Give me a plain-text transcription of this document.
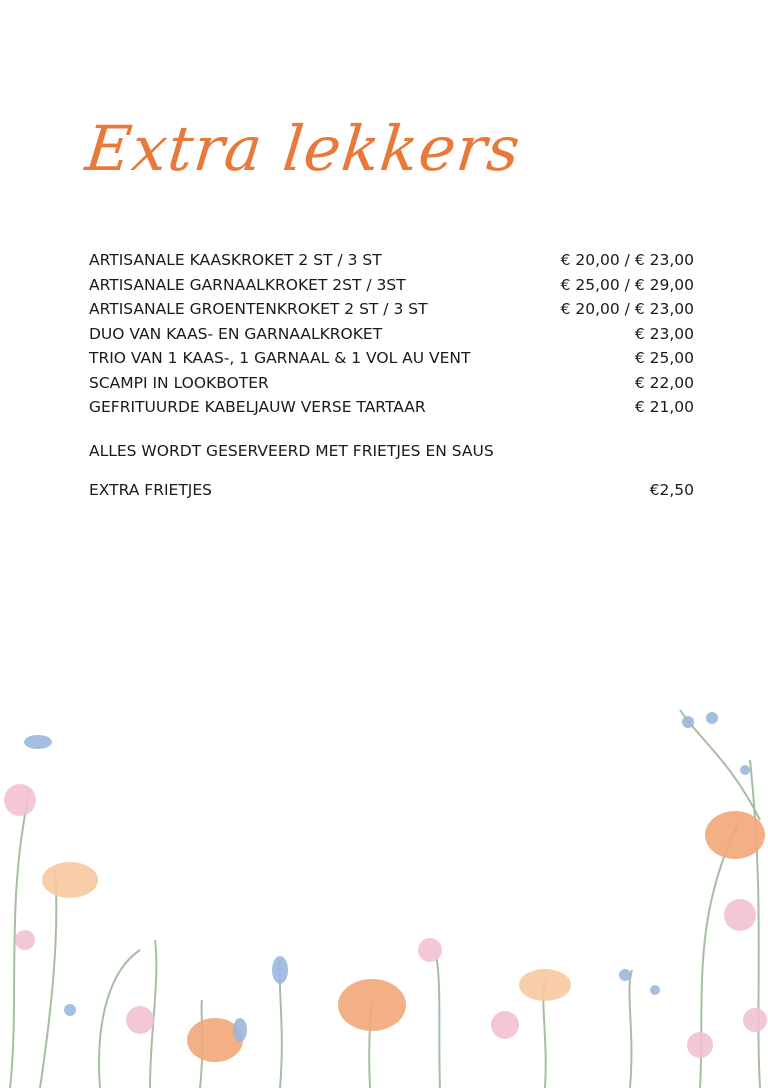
Extra lekkers
ARTISANALE KAASKROKET 2 ST / 3 ST	€ 20,00 / € 23,00
ARTISANALE GARNAALKROKET 2ST / 3ST	€ 25,00 / € 29,00
ARTISANALE GROENTENKROKET 2 ST / 3 ST	€ 20,00 / € 23,00
DUO VAN KAAS- EN GARNAALKROKET	€ 23,00
TRIO VAN 1 KAAS-, 1 GARNAAL & 1 VOL AU VENT	€ 25,00
SCAMPI IN LOOKBOTER	€ 22,00
GEFRITUURDE KABELJAUW VERSE TARTAAR	€ 21,00
ALLES WORDT GESERVEERD MET FRIETJES EN SAUS
EXTRA FRIETJES	€2,50
